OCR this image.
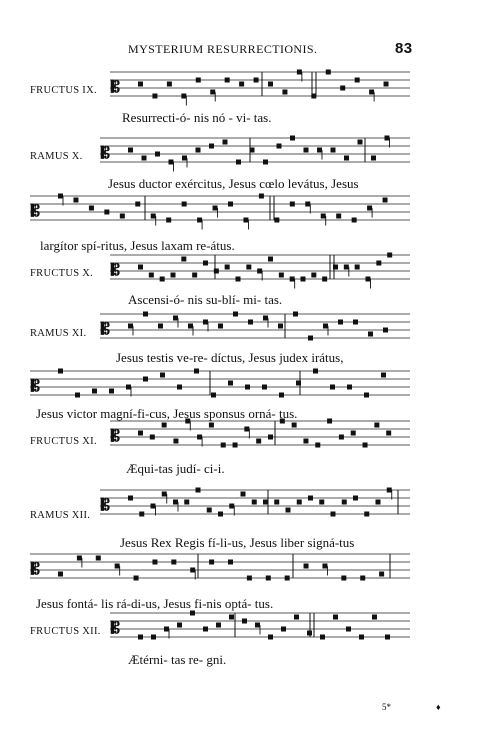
MYSTERIUM RESURRECTIONIS.	83
𝄡
𝄡
𝄡
𝄡
𝄡
𝄡
𝄡
𝄡
𝄡
𝄡
FRUCTUS IX.
Resurrecti-ó- nis nó - vi- tas.
RAMUS X.
Jesus ductor exércitus, Jesus cœlo levátus, Jesus
largítor spí-ritus, Jesus laxam re-átus.
FRUCTUS X.
Ascensi-ó- nis su-blí- mi- tas.
RAMUS XI.
Jesus testis ve-re- díctus, Jesus judex irátus,
Jesus victor magní-fi-cus, Jesus sponsus orná- tus.
FRUCTUS XI.
Æqui-tas judí- ci-i.
RAMUS XII.
Jesus Rex Regis fí-li-us, Jesus liber signá-tus
Jesus fontá- lis rá-di-us, Jesus fi-nis optá- tus.
FRUCTUS XII.
Ætérni- tas re- gni.
5*	♦
